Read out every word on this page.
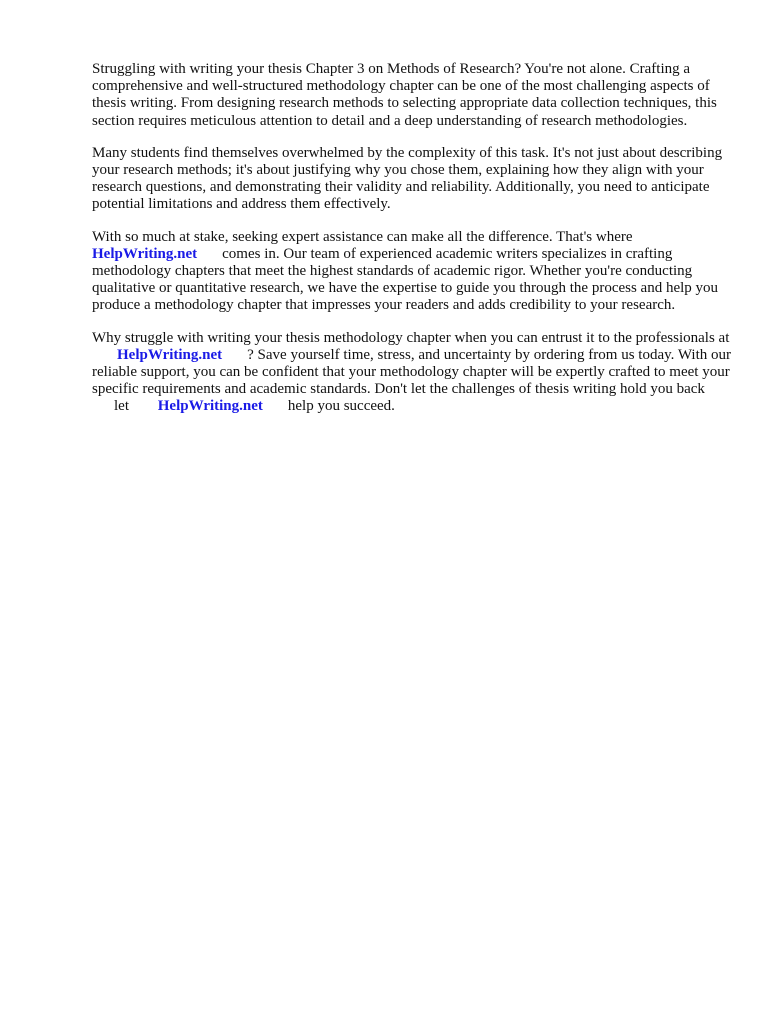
Struggling with writing your thesis Chapter 3 on Methods of Research? You're not alone. Crafting a comprehensive and well-structured methodology chapter can be one of the most challenging aspects of thesis writing. From designing research methods to selecting appropriate data collection techniques, this section requires meticulous attention to detail and a deep understanding of research methodologies.

Many students find themselves overwhelmed by the complexity of this task. It's not just about describing your research methods; it's about justifying why you chose them, explaining how they align with your research questions, and demonstrating their validity and reliability. Additionally, you need to anticipate potential limitations and address them effectively.

With so much at stake, seeking expert assistance can make all the difference. That's where
HelpWriting.net comes in. Our team of experienced academic writers specializes in crafting methodology chapters that meet the highest standards of academic rigor. Whether you're conducting qualitative or quantitative research, we have the expertise to guide you through the process and help you produce a methodology chapter that impresses your readers and adds credibility to your research.

Why struggle with writing your thesis methodology chapter when you can entrust it to the professionals at HelpWriting.net ? Save yourself time, stress, and uncertainty by ordering from us today. With our reliable support, you can be confident that your methodology chapter will be expertly crafted to meet your specific requirements and academic standards. Don't let the challenges of thesis writing hold you back let HelpWriting.net help you succeed.
